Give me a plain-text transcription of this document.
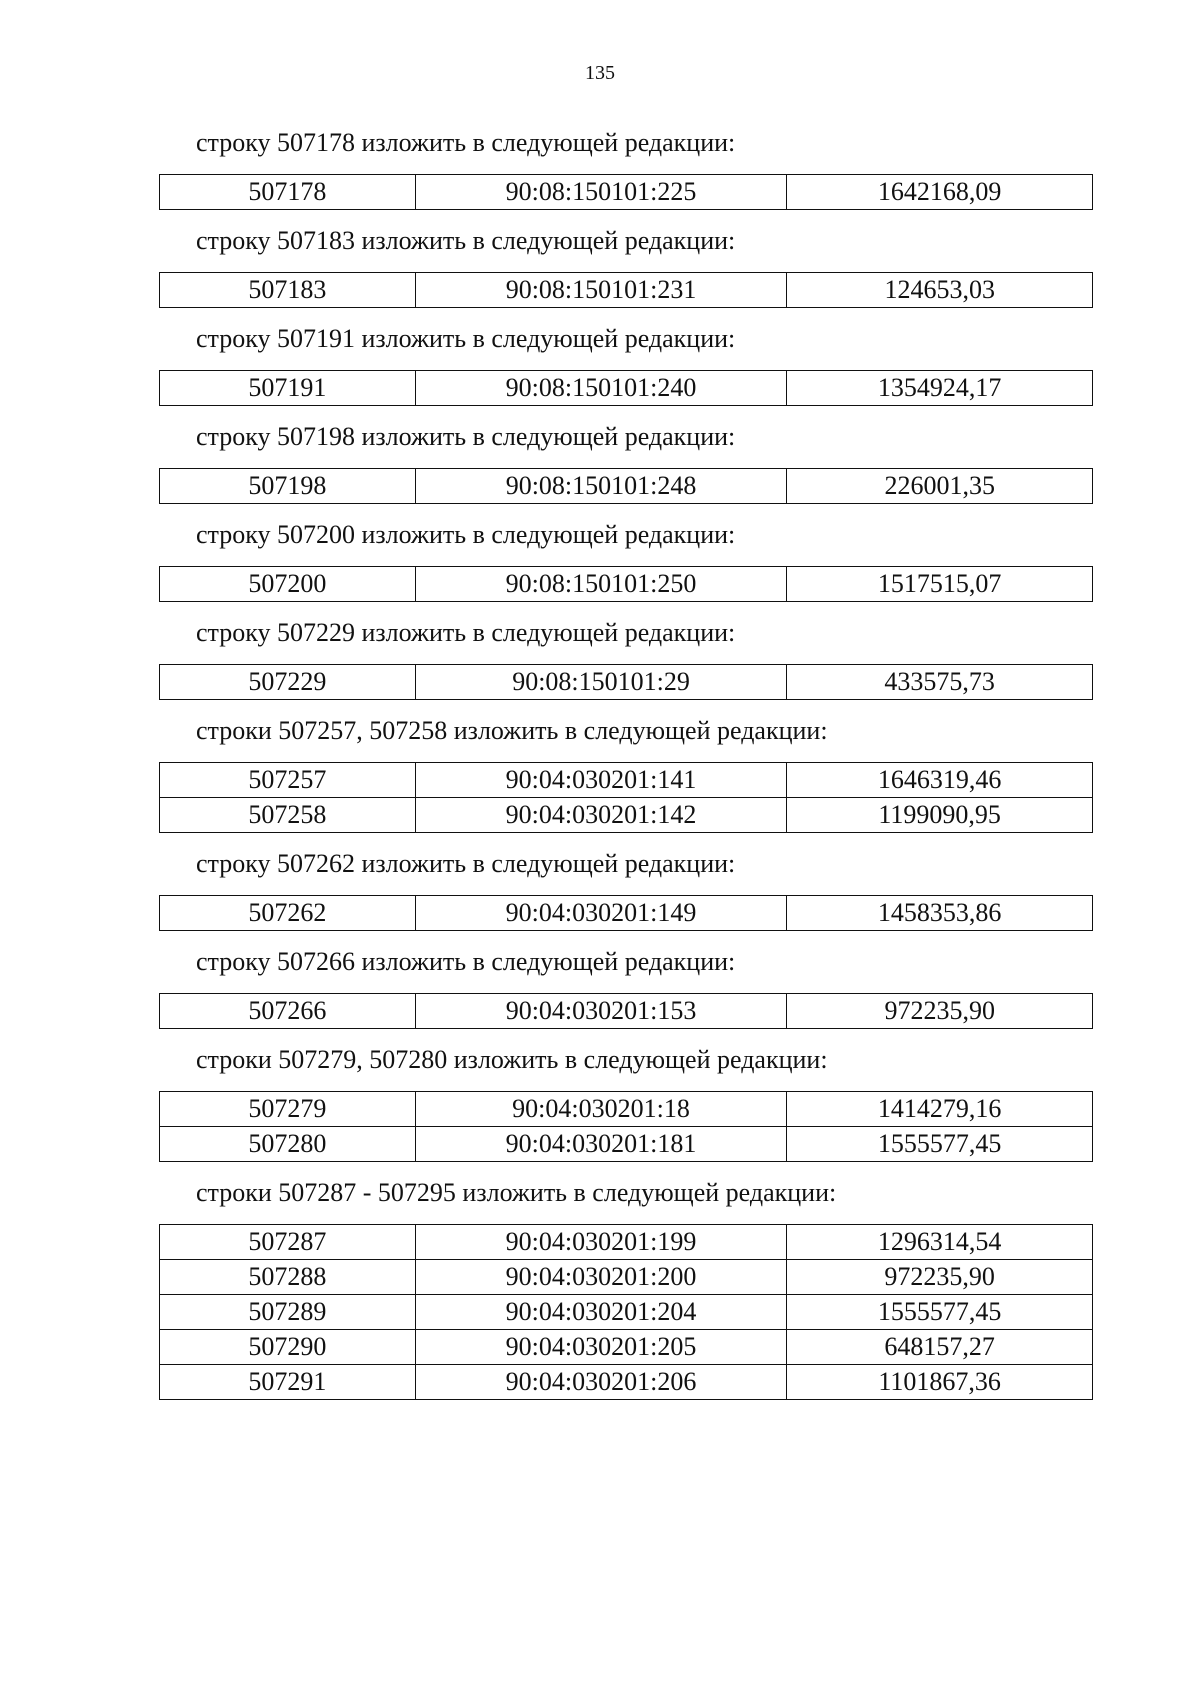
135
строку 507178 изложить в следующей редакции:
507178	90:08:150101:225	1642168,09
строку 507183 изложить в следующей редакции:
507183	90:08:150101:231	124653,03
строку 507191 изложить в следующей редакции:
507191	90:08:150101:240	1354924,17
строку 507198 изложить в следующей редакции:
507198	90:08:150101:248	226001,35
строку 507200 изложить в следующей редакции:
507200	90:08:150101:250	1517515,07
строку 507229 изложить в следующей редакции:
507229	90:08:150101:29	433575,73
строки 507257, 507258 изложить в следующей редакции:
507257	90:04:030201:141	1646319,46
507258	90:04:030201:142	1199090,95
строку 507262 изложить в следующей редакции:
507262	90:04:030201:149	1458353,86
строку 507266 изложить в следующей редакции:
507266	90:04:030201:153	972235,90
строки 507279, 507280 изложить в следующей редакции:
507279	90:04:030201:18	1414279,16
507280	90:04:030201:181	1555577,45
строки 507287 - 507295 изложить в следующей редакции:
507287	90:04:030201:199	1296314,54
507288	90:04:030201:200	972235,90
507289	90:04:030201:204	1555577,45
507290	90:04:030201:205	648157,27
507291	90:04:030201:206	1101867,36
